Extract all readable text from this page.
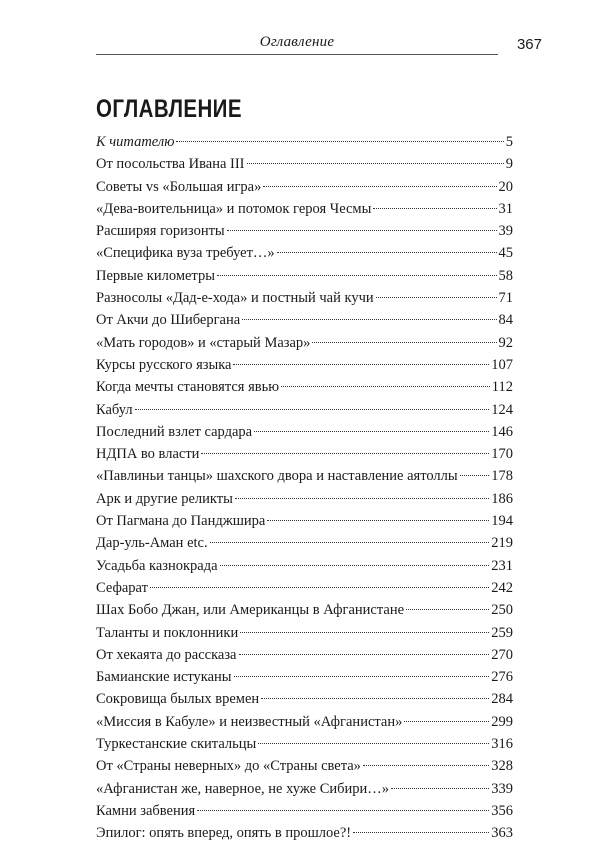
Оглавление	367
ОГЛАВЛЕНИЕ
К читателю	5
От посольства Ивана III	9
Советы vs «Большая игра»	20
«Дева-воительница» и потомок героя Чесмы	31
Расширяя горизонты	39
«Специфика вуза требует…»	45
Первые километры	58
Разносолы «Дад-е-хода» и постный чай кучи	71
От Акчи до Шибергана	84
«Мать городов» и «старый Мазар»	92
Курсы русского языка	107
Когда мечты становятся явью	112
Кабул	124
Последний взлет сардара	146
НДПА во власти	170
«Павлиньи танцы» шахского двора и наставление аятоллы 178
Арк и другие реликты	186
От Пагмана до Панджшира	194
Дар-уль-Аман etc.	219
Усадьба казнокрада	231
Сефарат	242
Шах Бобо Джан, или Американцы в Афганистане	250
Таланты и поклонники	259
От хекаята до рассказа	270
Бамианские истуканы	276
Сокровища былых времен	284
«Миссия в Кабуле» и неизвестный «Афганистан»	299
Туркестанские скитальцы	316
От «Страны неверных» до «Страны света»	328
«Афганистан же, наверное, не хуже Сибири…»	339
Камни забвения	356
Эпилог: опять вперед, опять в прошлое?!	363
